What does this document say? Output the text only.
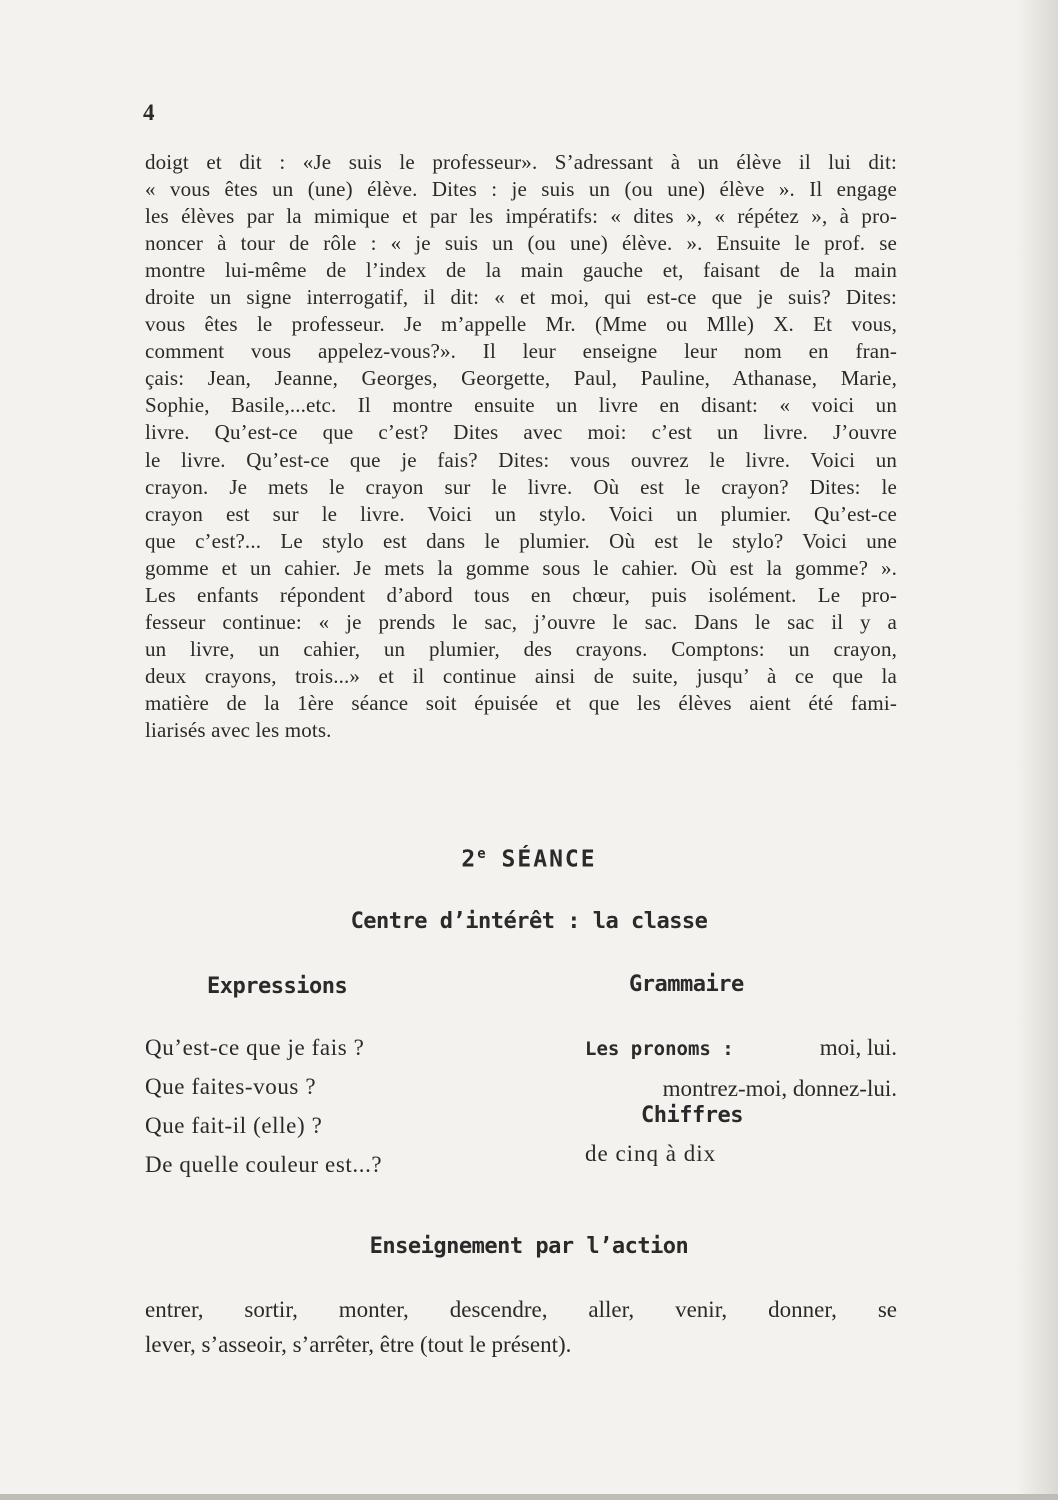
4
doigt et dit : «Je suis le professeur». S’adressant à un élève il lui dit:
« vous êtes un (une) élève. Dites : je suis un (ou une) élève ». Il engage
les élèves par la mimique et par les impératifs: « dites », « répétez », à pro-
noncer à tour de rôle : « je suis un (ou une) élève. ». Ensuite le prof. se
montre lui-même de l’index de la main gauche et, faisant de la main
droite un signe interrogatif, il dit: « et moi, qui est-ce que je suis? Dites:
vous êtes le professeur. Je m’appelle Mr. (Mme ou Mlle) X. Et vous,
comment vous appelez-vous?». Il leur enseigne leur nom en fran-
çais: Jean, Jeanne, Georges, Georgette, Paul, Pauline, Athanase, Marie,
Sophie, Basile,...etc. Il montre ensuite un livre en disant: « voici un
livre. Qu’est-ce que c’est? Dites avec moi: c’est un livre. J’ouvre
le livre. Qu’est-ce que je fais? Dites: vous ouvrez le livre. Voici un
crayon. Je mets le crayon sur le livre. Où est le crayon? Dites: le
crayon est sur le livre. Voici un stylo. Voici un plumier. Qu’est-ce
que c’est?... Le stylo est dans le plumier. Où est le stylo? Voici une
gomme et un cahier. Je mets la gomme sous le cahier. Où est la gomme? ».
Les enfants répondent d’abord tous en chœur, puis isolément. Le pro-
fesseur continue: « je prends le sac, j’ouvre le sac. Dans le sac il y a
un livre, un cahier, un plumier, des crayons. Comptons: un crayon,
deux crayons, trois...» et il continue ainsi de suite, jusqu’ à ce que la
matière de la 1ère séance soit épuisée et que les élèves aient été fami-
liarisés avec les mots.
2e SÉANCE
Centre d’intérêt : la classe
Expressions	Grammaire
Qu’est-ce que je fais ?
Que faites-vous ?
Que fait-il (elle) ?
De quelle couleur est...?
Les pronoms :	moi, lui.
montrez-moi, donnez-lui.
Chiffres
de cinq à dix
Enseignement par l’action
entrer, sortir, monter, descendre, aller, venir, donner, se
lever, s’asseoir, s’arrêter, être (tout le présent).
